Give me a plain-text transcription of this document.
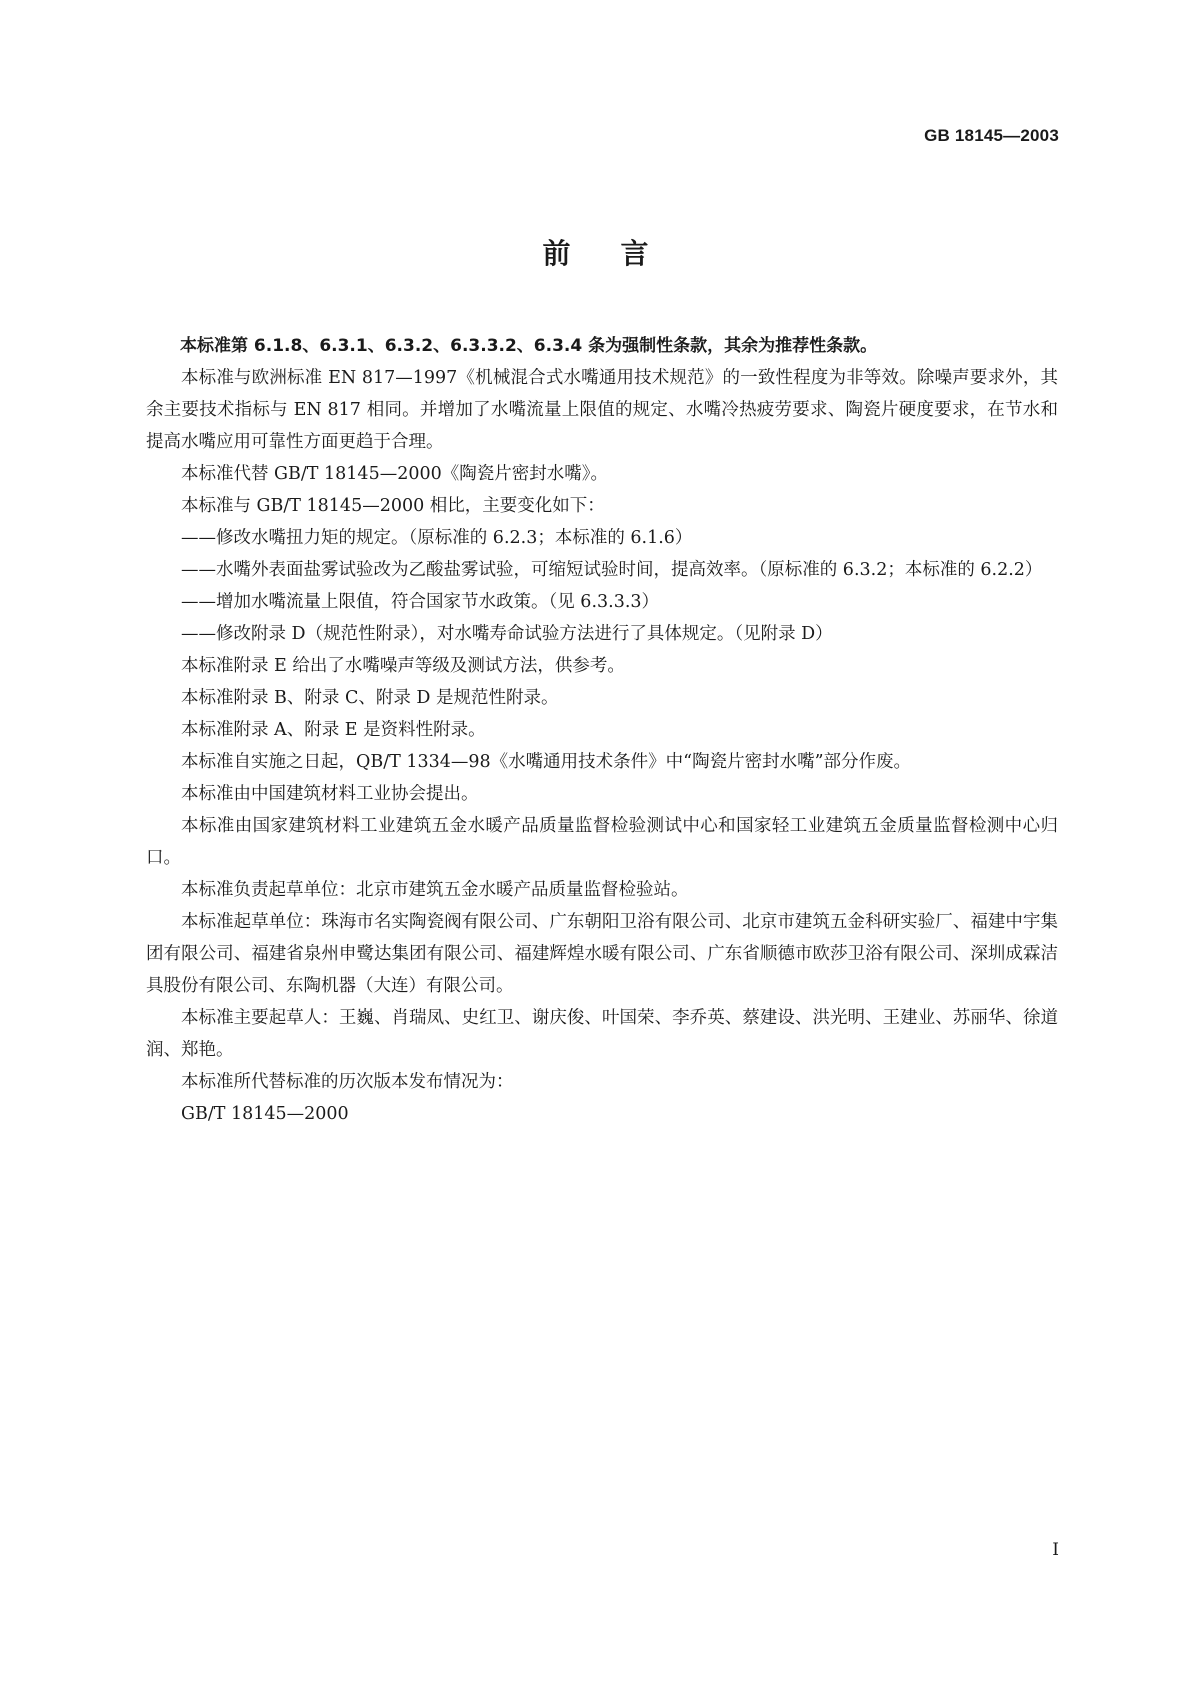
GB 18145—2003
前言

本标准第 6.1.8、6.3.1、6.3.2、6.3.3.2、6.3.4 条为强制性条款，其余为推荐性条款。

本标准与欧洲标准 EN 817—1997《机械混合式水嘴通用技术规范》的一致性程度为非等效。除噪声要求外，其余主要技术指标与 EN 817 相同。并增加了水嘴流量上限值的规定、水嘴冷热疲劳要求、陶瓷片硬度要求，在节水和提高水嘴应用可靠性方面更趋于合理。

本标准代替 GB/T 18145—2000《陶瓷片密封水嘴》。

本标准与 GB/T 18145—2000 相比，主要变化如下：

——修改水嘴扭力矩的规定。（原标准的 6.2.3；本标准的 6.1.6）

——水嘴外表面盐雾试验改为乙酸盐雾试验，可缩短试验时间，提高效率。（原标准的 6.3.2；本标准的 6.2.2）

——增加水嘴流量上限值，符合国家节水政策。（见 6.3.3.3）

——修改附录 D（规范性附录），对水嘴寿命试验方法进行了具体规定。（见附录 D）

本标准附录 E 给出了水嘴噪声等级及测试方法，供参考。

本标准附录 B、附录 C、附录 D 是规范性附录。

本标准附录 A、附录 E 是资料性附录。

本标准自实施之日起，QB/T 1334—98《水嘴通用技术条件》中“陶瓷片密封水嘴”部分作废。

本标准由中国建筑材料工业协会提出。

本标准由国家建筑材料工业建筑五金水暖产品质量监督检验测试中心和国家轻工业建筑五金质量监督检测中心归口。

本标准负责起草单位：北京市建筑五金水暖产品质量监督检验站。

本标准起草单位：珠海市名实陶瓷阀有限公司、广东朝阳卫浴有限公司、北京市建筑五金科研实验厂、福建中宇集团有限公司、福建省泉州申鹭达集团有限公司、福建辉煌水暖有限公司、广东省顺德市欧莎卫浴有限公司、深圳成霖洁具股份有限公司、东陶机器（大连）有限公司。

本标准主要起草人：王巍、肖瑞凤、史红卫、谢庆俊、叶国荣、李乔英、蔡建设、洪光明、王建业、苏丽华、徐道润、郑艳。

本标准所代替标准的历次版本发布情况为：

GB/T 18145—2000

I
